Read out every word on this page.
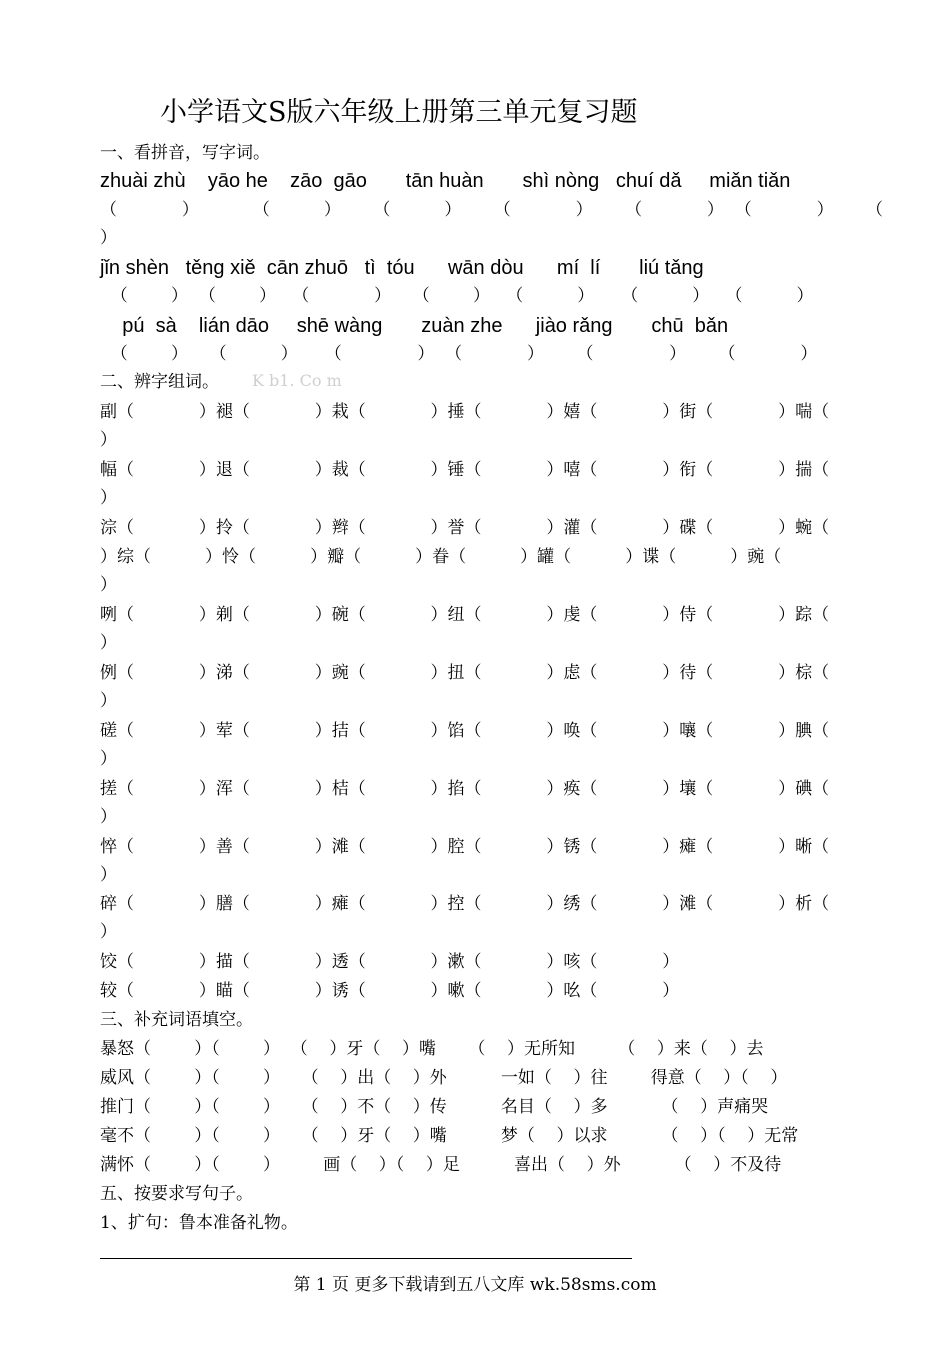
小学语文S版六年级上册第三单元复习题
一、看拼音，写字词。
zhuài zhù    yāo he    zāo  gāo       tān huàn       shì nòng   chuí dǎ     miǎn tiǎn
（            ）          （          ）      （          ）      （            ）      （            ）  （            ）      （
）
jǐn shèn   těng xiě  cān zhuō   tì  tóu      wān dòu      mí  lí       liú tǎng
（        ）  （        ）   （            ）    （        ）   （          ）     （          ）   （          ）
pú  sà    lián dāo     shē wàng       zuàn zhe      jiào rǎng       chū  bǎn
（        ）    （          ）     （              ）  （            ）      （              ）      （            ）
二、辨字组词。 K b1. Co m
副（            ）褪（            ）栽（            ）捶（            ）嬉（            ）街（            ）喘（
）
幅（            ）退（            ）裁（            ）锤（            ）嘻（            ）衔（            ）揣（
）
淙（            ）拎（            ）辫（            ）誉（            ）灌（            ）碟（            ）蜿（
）综（          ）怜（          ）瓣（          ）眷（          ）罐（          ）谍（          ）豌（
）
咧（            ）剃（            ）碗（            ）纽（            ）虔（            ）侍（            ）踪（
）
例（            ）涕（            ）豌（            ）扭（            ）虑（            ）待（            ）棕（
）
磋（            ）荤（            ）拮（            ）馅（            ）唤（            ）嚷（            ）腆（
）
搓（            ）浑（            ）桔（            ）掐（            ）痪（            ）壤（            ）碘（
）
悴（            ）善（            ）滩（            ）腔（            ）锈（            ）瘫（            ）晰（
）
碎（            ）膳（            ）瘫（            ）控（            ）绣（            ）滩（            ）析（
）
饺（            ）描（            ）透（            ）漱（            ）咳（            ）
较（            ）瞄（            ）诱（            ）嗽（            ）吆（            ）
三、补充词语填空。
暴怒（        ）（        ）  （    ）牙（    ）嘴      （    ）无所知        （    ）来（    ）去
威风（        ）（        ）    （    ）出（    ）外          一如（    ）往        得意（    ）（    ）
推门（        ）（        ）    （    ）不（    ）传          名目（    ）多          （    ）声痛哭
毫不（        ）（        ）    （    ）牙（    ）嘴          梦（    ）以求          （    ）（    ）无常
满怀（        ）（        ）        画（    ）（    ）足          喜出（    ）外          （    ）不及待
五、按要求写句子。
1、扩句：鲁本准备礼物。
第 1 页 更多下载请到五八文库 wk.58sms.com
